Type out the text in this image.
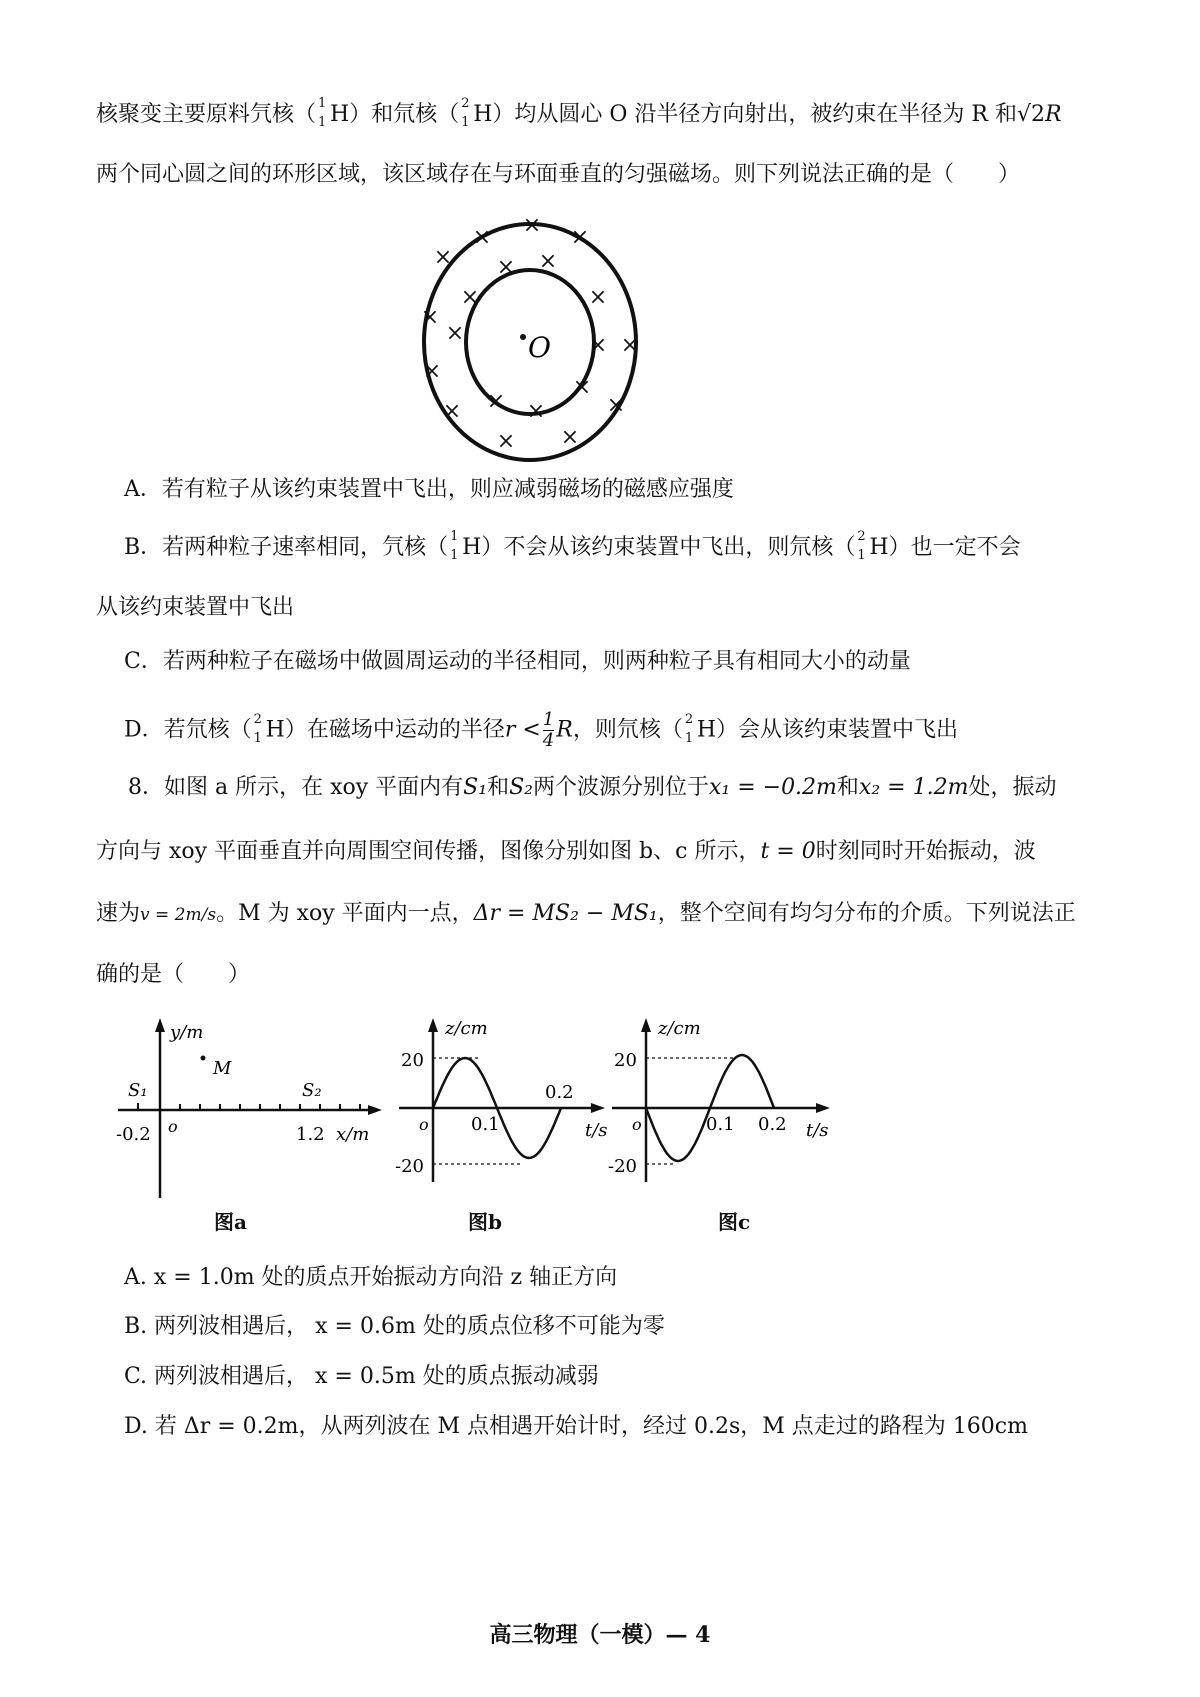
核聚变主要原料氕核（ 1
1 H）和氘核（ 2
1 H）均从圆心 O 沿半径方向射出，被约束在半径为 R 和√2R
两个同心圆之间的环形区域，该区域存在与环面垂直的匀强磁场。则下列说法正确的是（　　）
O
× × ×
× ×
×
×	×
×
×	× ×
×
×
× × ×	×
× ×
A．若有粒子从该约束装置中飞出，则应减弱磁场的磁感应强度
B．若两种粒子速率相同，氕核（ 1
1 H）不会从该约束装置中飞出，则氘核（ 2
1 H）也一定不会
从该约束装置中飞出
C．若两种粒子在磁场中做圆周运动的半径相同，则两种粒子具有相同大小的动量
D．若氘核（ 2
1 H）在磁场中运动的半径$r < \frac{1}{4}$ R，则氘核（ 2
1 H）会从该约束装置中飞出
8．如图 a 所示，在 xoy 平面内有S₁和S₂两个波源分别位于x₁ = −0.2m和x₂ = 1.2m处，振动
方向与 xoy 平面垂直并向周围空间传播，图像分别如图 b、c 所示，t = 0时刻同时开始振动，波
速为v = 2m/s。M 为 xoy 平面内一点，Δr = MS₂ − MS₁，整个空间有均匀分布的介质。下列说法正
确的是（　　）
y/m
M
S₁	S₂
o
-0.2	1.2 x/m
图a
z/cm
20
-20
o 0.1
0.2
t/s
图b
z/cm
20
-20
o	0.1 0.2 t/s
图c
A. x = 1.0m 处的质点开始振动方向沿 z 轴正方向
B. 两列波相遇后， x = 0.6m 处的质点位移不可能为零
C. 两列波相遇后， x = 0.5m 处的质点振动减弱
D. 若 Δr = 0.2m，从两列波在 M 点相遇开始计时，经过 0.2s，M 点走过的路程为 160cm
高三物理（一模）— 4
